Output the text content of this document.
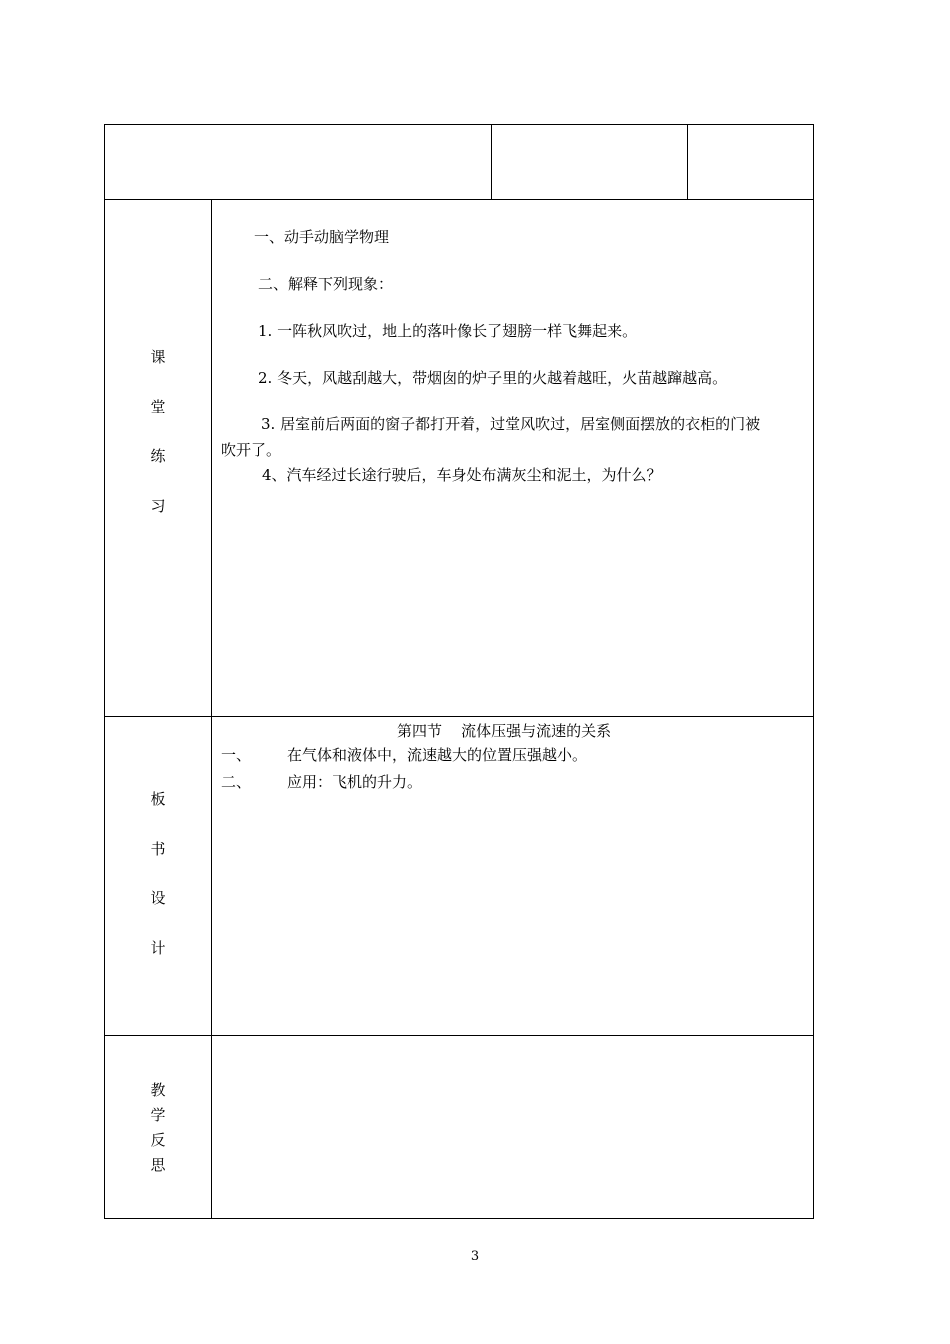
课
堂
练
习
一、动手动脑学物理
二、解释下列现象：
1. 一阵秋风吹过，地上的落叶像长了翅膀一样飞舞起来。
2. 冬天，风越刮越大，带烟囱的炉子里的火越着越旺，火苗越蹿越高。
3. 居室前后两面的窗子都打开着，过堂风吹过，居室侧面摆放的衣柜的门被
吹开了。
4、汽车经过长途行驶后，车身处布满灰尘和泥土，为什么？
板
书
设
计
第四节    流体压强与流速的关系
一、 在气体和液体中，流速越大的位置压强越小。
二、 应用：飞机的升力。
教
学
反
思
3
